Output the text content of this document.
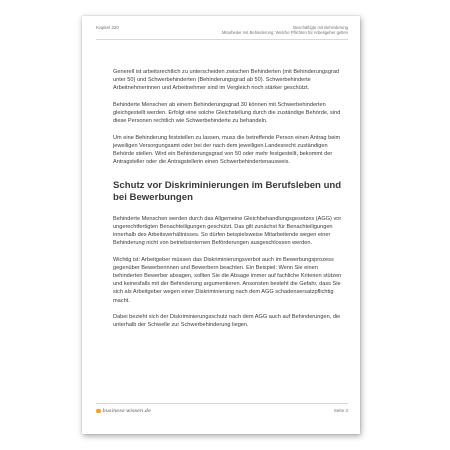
Kapitel 220	Beschäftigte mit Behinderung
Mitarbeiter mit Behinderung: Welche Pflichten für Arbeitgeber gelten

Generell ist arbeitsrechtlich zu unterscheiden zwischen Behinderten (mit Behinderungsgrad unter 50) und Schwerbehinderten (Behinderungsgrad ab 50). Schwerbehinderte Arbeitnehmerinnen und Arbeitnehmer sind im Vergleich noch stärker geschützt.

Behinderte Menschen ab einem Behinderungsgrad 30 können mit Schwerbehinderten gleichgestellt werden. Erfolgt eine solche Gleichstellung durch die zuständige Behörde, sind diese Personen rechtlich wie Schwerbehinderte zu behandeln.

Um eine Behinderung feststellen zu lassen, muss die betreffende Person einen Antrag beim jeweiligen Versorgungsamt oder bei der nach dem jeweiligen Landesrecht zuständigen Behörde stellen. Wird ein Behinderungsgrad von 50 oder mehr festgestellt, bekommt der Antragsteller oder die Antragstellerin einen Schwerbehindertenausweis.

Schutz vor Diskriminierungen im Berufsleben und bei Bewerbungen

Behinderte Menschen werden durch das Allgemeine Gleichbehandlungsgesetzes (AGG) vor ungerechtfertigten Benachteiligungen geschützt. Das gilt zunächst für Benachteiligungen innerhalb des Arbeitsverhältnisses. So dürfen beispielsweise Mitarbeitende wegen einer Behinderung nicht von betriebsinternen Beförderungen ausgeschlossen werden.

Wichtig ist: Arbeitgeber müssen das Diskriminierungsverbot auch im Bewerbungsprozess gegenüber Bewerberinnen und Bewerbern beachten. Ein Beispiel: Wenn Sie einen behinderten Bewerber absagen, sollten Sie die Absage immer auf fachliche Kriterien stützen und keinesfalls mit der Behinderung argumentieren. Ansonsten besteht die Gefahr, dass Sie sich als Arbeitgeber wegen einer Diskriminierung nach dem AGG schadensersatzpflichtig macht.

Dabei bezieht sich der Diskriminierungsschutz nach dem AGG auch auf Behinderungen, die unterhalb der Schwelle zur Schwerbehinderung liegen.

business-wissen.de	Seite 3
